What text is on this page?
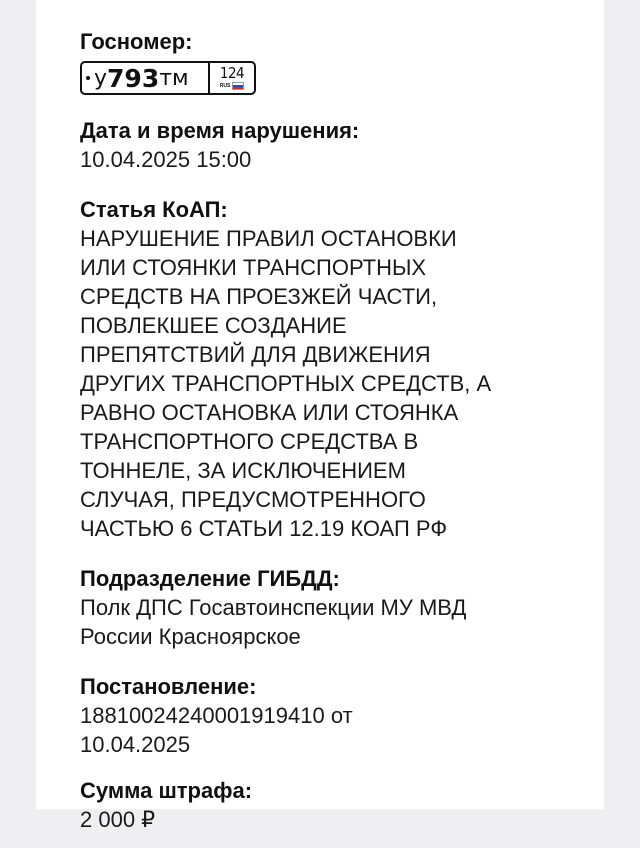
Госномер:

у 793 тм 124
RUS

Дата и время нарушения:

10.04.2025 15:00

Статья КоАП:

НАРУШЕНИЕ ПРАВИЛ ОСТАНОВКИ
ИЛИ СТОЯНКИ ТРАНСПОРТНЫХ
СРЕДСТВ НА ПРОЕЗЖЕЙ ЧАСТИ,
ПОВЛЕКШЕЕ СОЗДАНИЕ
ПРЕПЯТСТВИЙ ДЛЯ ДВИЖЕНИЯ
ДРУГИХ ТРАНСПОРТНЫХ СРЕДСТВ, А
РАВНО ОСТАНОВКА ИЛИ СТОЯНКА
ТРАНСПОРТНОГО СРЕДСТВА В
ТОННЕЛЕ, ЗА ИСКЛЮЧЕНИЕМ
СЛУЧАЯ, ПРЕДУСМОТРЕННОГО
ЧАСТЬЮ 6 СТАТЬИ 12.19 КОАП РФ

Подразделение ГИБДД:

Полк ДПС Госавтоинспекции МУ МВД
России Красноярское

Постановление:

18810024240001919410 от
10.04.2025

Сумма штрафа:

2 000 ₽
